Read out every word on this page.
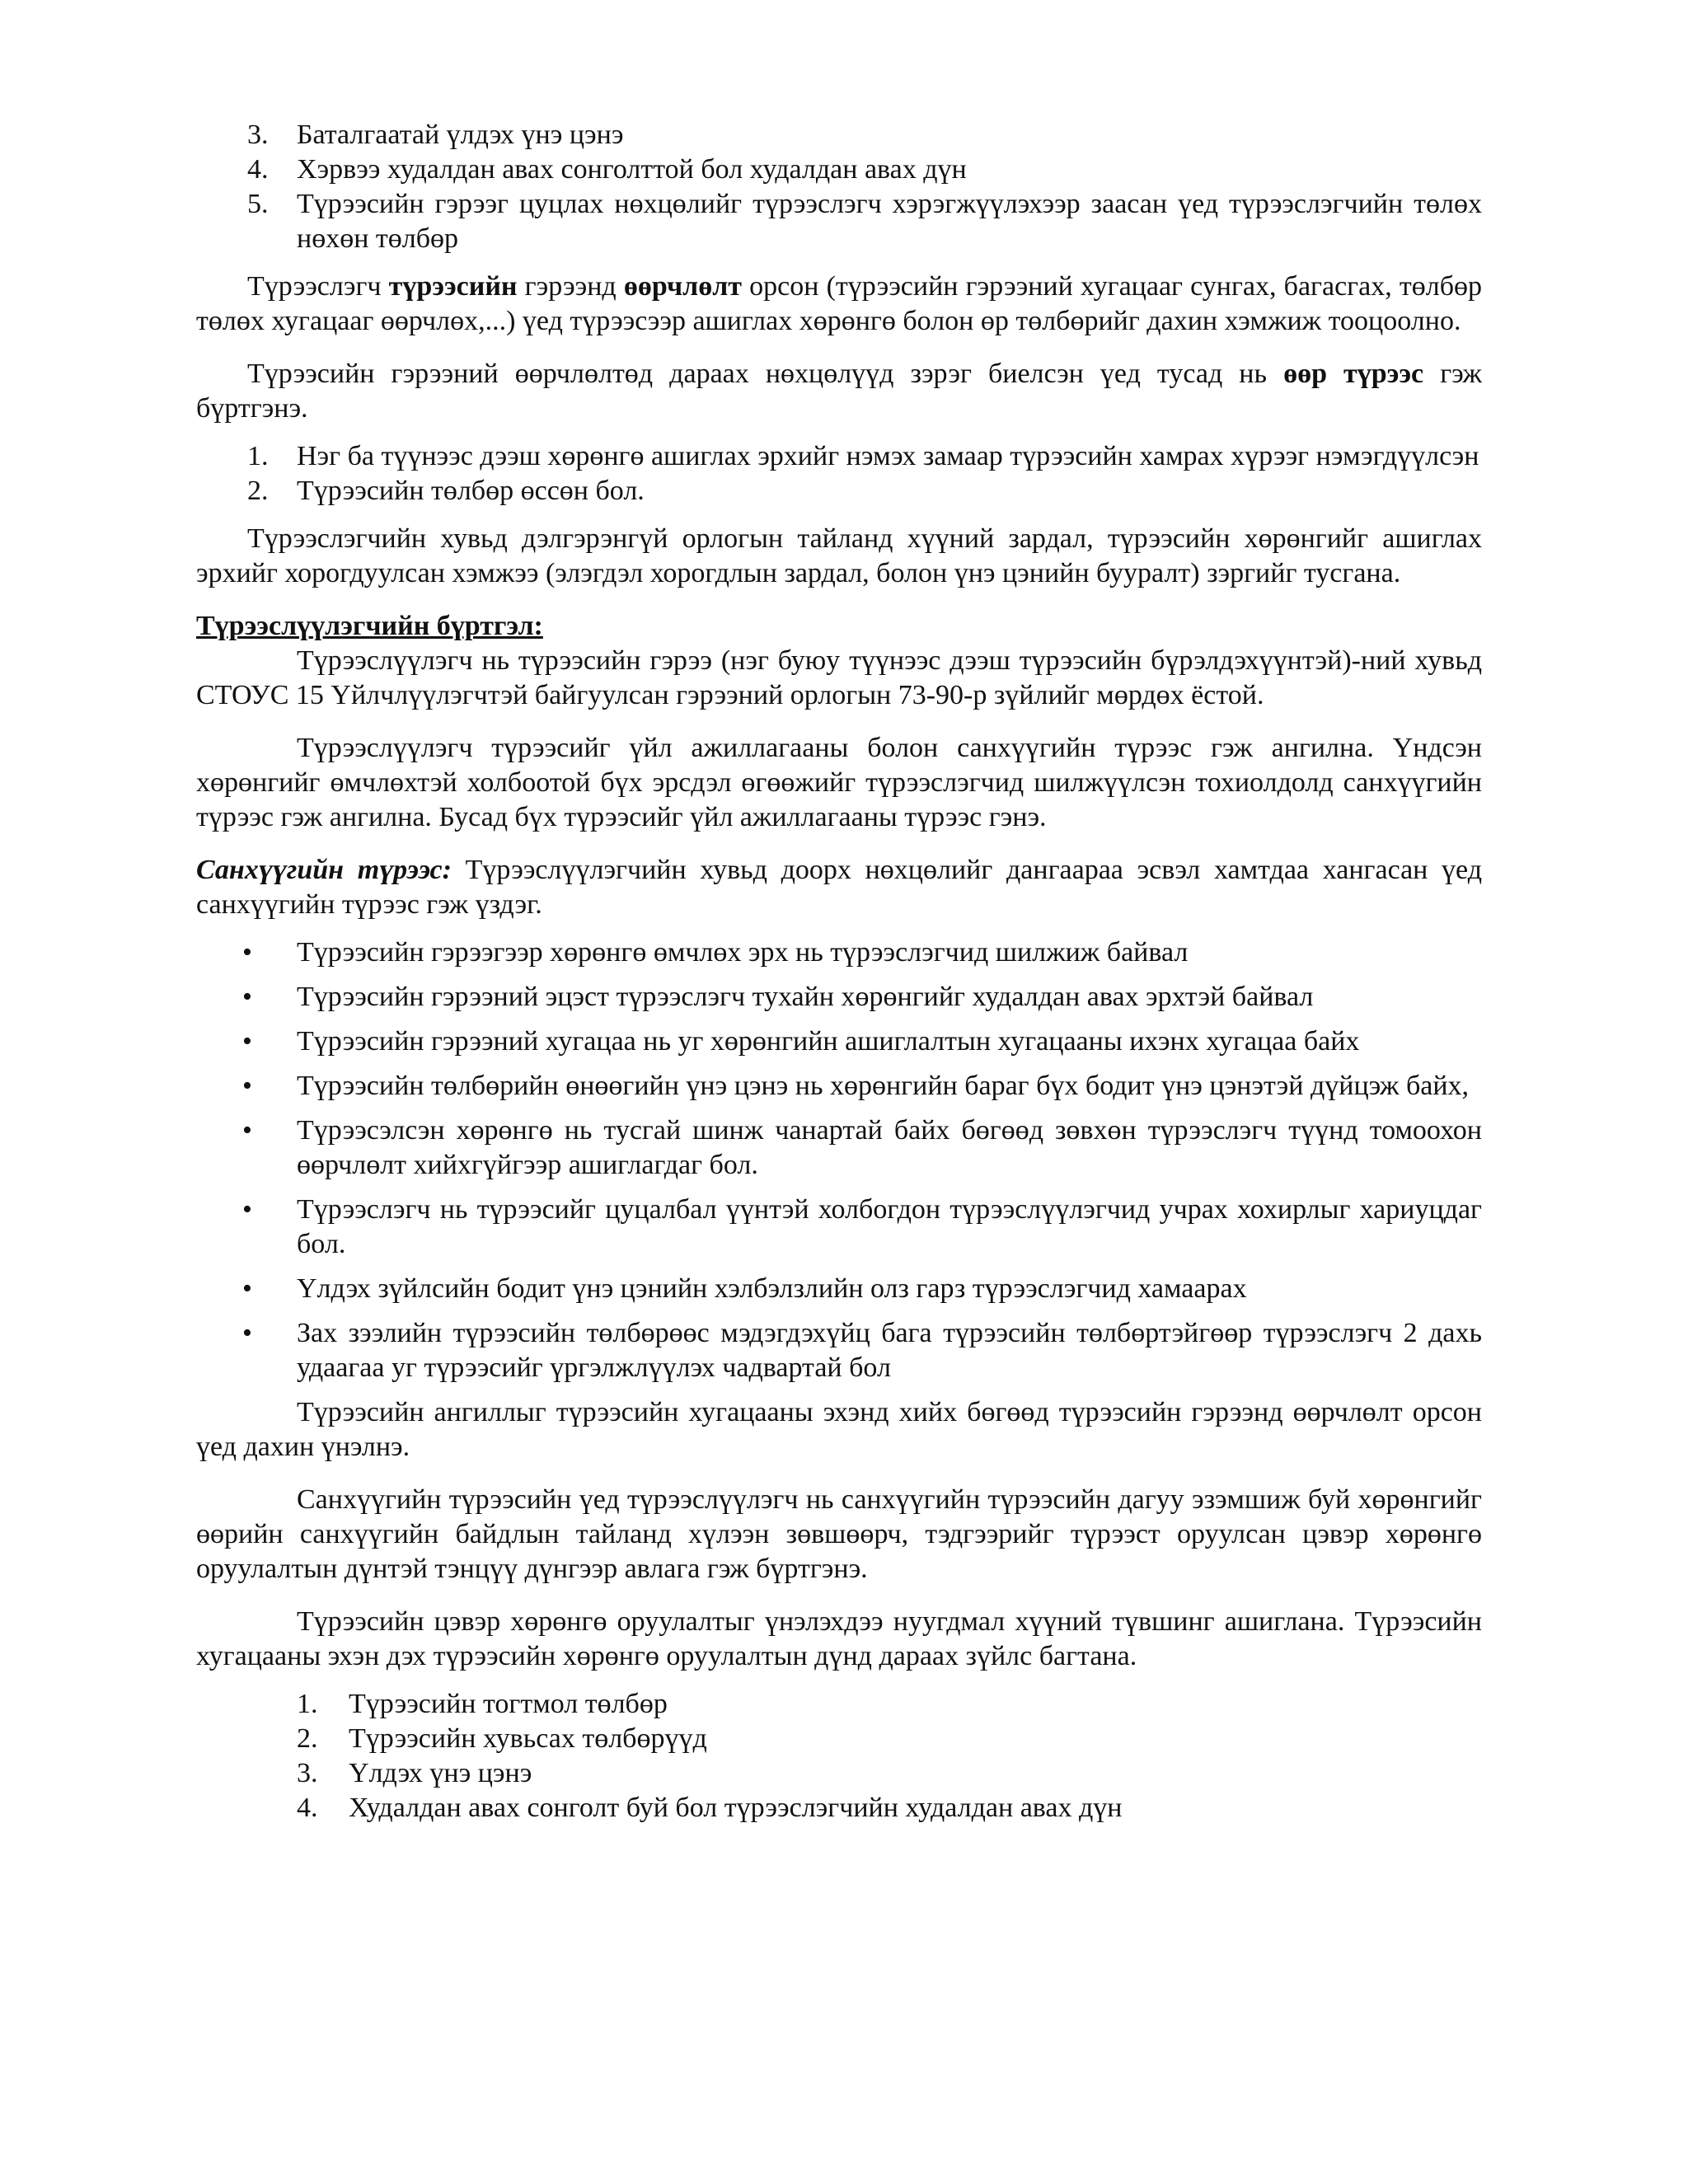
3. Баталгаатай үлдэх үнэ цэнэ
4. Хэрвээ худалдан авах сонголттой бол худалдан авах дүн
5. Түрээсийн гэрээг цуцлах нөхцөлийг түрээслэгч хэрэгжүүлэхээр заасан үед түрээслэгчийн төлөх нөхөн төлбөр

Түрээслэгч түрээсийн гэрээнд өөрчлөлт орсон (түрээсийн гэрээний хугацааг сунгах, багасгах, төлбөр төлөх хугацааг өөрчлөх,...) үед түрээсээр ашиглах хөрөнгө болон өр төлбөрийг дахин хэмжиж тооцоолно.

Түрээсийн гэрээний өөрчлөлтөд дараах нөхцөлүүд зэрэг биелсэн үед тусад нь өөр түрээс гэж бүртгэнэ.

1. Нэг ба түүнээс дээш хөрөнгө ашиглах эрхийг нэмэх замаар түрээсийн хамрах хүрээг нэмэгдүүлсэн
2. Түрээсийн төлбөр өссөн бол.

Түрээслэгчийн хувьд дэлгэрэнгүй орлогын тайланд хүүний зардал, түрээсийн хөрөнгийг ашиглах эрхийг хорогдуулсан хэмжээ (элэгдэл хорогдлын зардал, болон үнэ цэнийн бууралт) зэргийг тусгана.

Түрээслүүлэгчийн бүртгэл:

Түрээслүүлэгч нь түрээсийн гэрээ (нэг буюу түүнээс дээш түрээсийн бүрэлдэхүүнтэй)-ний хувьд СТОУС 15 Үйлчлүүлэгчтэй байгуулсан гэрээний орлогын 73-90-р зүйлийг мөрдөх ёстой.

Түрээслүүлэгч түрээсийг үйл ажиллагааны болон санхүүгийн түрээс гэж ангилна. Үндсэн хөрөнгийг өмчлөхтэй холбоотой бүх эрсдэл өгөөжийг түрээслэгчид шилжүүлсэн тохиолдолд санхүүгийн түрээс гэж ангилна. Бусад бүх түрээсийг үйл ажиллагааны түрээс гэнэ.

Санхүүгийн түрээс: Түрээслүүлэгчийн хувьд доорх нөхцөлийг дангаараа эсвэл хамтдаа хангасан үед санхүүгийн түрээс гэж үздэг.

• Түрээсийн гэрээгээр хөрөнгө өмчлөх эрх нь түрээслэгчид шилжиж байвал
• Түрээсийн гэрээний эцэст түрээслэгч тухайн хөрөнгийг худалдан авах эрхтэй байвал
• Түрээсийн гэрээний хугацаа нь уг хөрөнгийн ашиглалтын хугацааны ихэнх хугацаа байх
• Түрээсийн төлбөрийн өнөөгийн үнэ цэнэ нь хөрөнгийн бараг бүх бодит үнэ цэнэтэй дүйцэж байх,
• Түрээсэлсэн хөрөнгө нь тусгай шинж чанартай байх бөгөөд зөвхөн түрээслэгч түүнд томоохон өөрчлөлт хийхгүйгээр ашиглагдаг бол.
• Түрээслэгч нь түрээсийг цуцалбал үүнтэй холбогдон түрээслүүлэгчид учрах хохирлыг хариуцдаг бол.
• Үлдэх зүйлсийн бодит үнэ цэнийн хэлбэлзлийн олз гарз түрээслэгчид хамаарах
• Зах зээлийн түрээсийн төлбөрөөс мэдэгдэхүйц бага түрээсийн төлбөртэйгөөр түрээслэгч 2 дахь удаагаа уг түрээсийг үргэлжлүүлэх чадвартай бол

Түрээсийн ангиллыг түрээсийн хугацааны эхэнд хийх бөгөөд түрээсийн гэрээнд өөрчлөлт орсон үед дахин үнэлнэ.

Санхүүгийн түрээсийн үед түрээслүүлэгч нь санхүүгийн түрээсийн дагуу эзэмшиж буй хөрөнгийг өөрийн санхүүгийн байдлын тайланд хүлээн зөвшөөрч, тэдгээрийг түрээст оруулсан цэвэр хөрөнгө оруулалтын дүнтэй тэнцүү дүнгээр авлага гэж бүртгэнэ.

Түрээсийн цэвэр хөрөнгө оруулалтыг үнэлэхдээ нуугдмал хүүний түвшинг ашиглана. Түрээсийн хугацааны эхэн дэх түрээсийн хөрөнгө оруулалтын дүнд дараах зүйлс багтана.

1. Түрээсийн тогтмол төлбөр
2. Түрээсийн хувьсах төлбөрүүд
3. Үлдэх үнэ цэнэ
4. Худалдан авах сонголт буй бол түрээслэгчийн худалдан авах дүн
